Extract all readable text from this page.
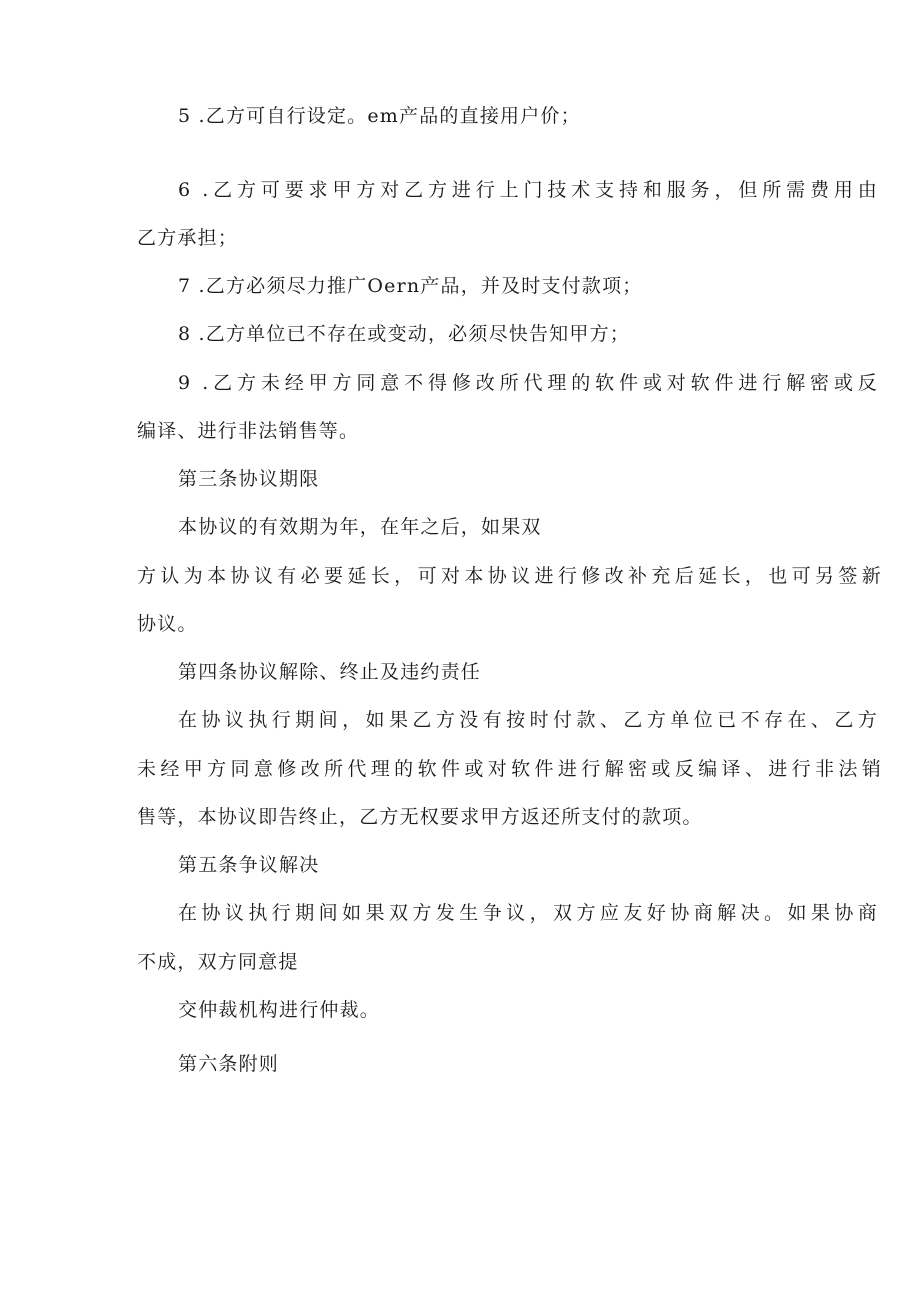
5 .乙方可自行设定。em产品的直接用户价；
6 .乙方可要求甲方对乙方进行上门技术支持和服务，但所需费用由
乙方承担；
7 .乙方必须尽力推广Oern产品，并及时支付款项；
8 .乙方单位已不存在或变动，必须尽快告知甲方；
9 .乙方未经甲方同意不得修改所代理的软件或对软件进行解密或反
编译、进行非法销售等。
第三条协议期限
本协议的有效期为年，在年之后，如果双
方认为本协议有必要延长，可对本协议进行修改补充后延长，也可另签新
协议。
第四条协议解除、终止及违约责任
在协议执行期间，如果乙方没有按时付款、乙方单位已不存在、乙方
未经甲方同意修改所代理的软件或对软件进行解密或反编译、进行非法销
售等，本协议即告终止，乙方无权要求甲方返还所支付的款项。
第五条争议解决
在协议执行期间如果双方发生争议，双方应友好协商解决。如果协商
不成，双方同意提
交仲裁机构进行仲裁。
第六条附则
